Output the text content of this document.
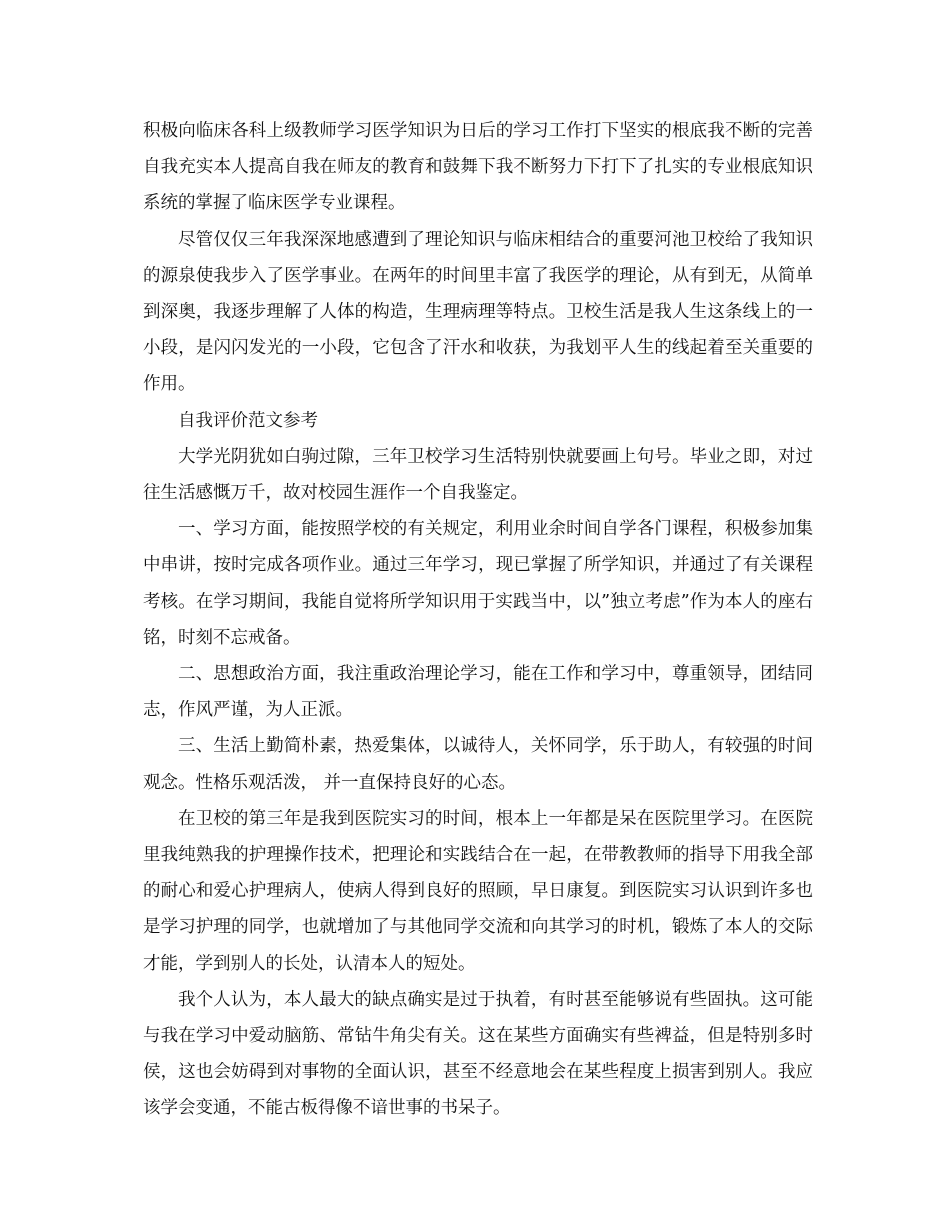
积极向临床各科上级教师学习医学知识为日后的学习工作打下坚实的根底我不断的完善自我充实本人提高自我在师友的教育和鼓舞下我不断努力下打下了扎实的专业根底知识系统的掌握了临床医学专业课程。

尽管仅仅三年我深深地感遭到了理论知识与临床相结合的重要河池卫校给了我知识的源泉使我步入了医学事业。在两年的时间里丰富了我医学的理论，从有到无，从简单到深奥，我逐步理解了人体的构造，生理病理等特点。卫校生活是我人生这条线上的一小段，是闪闪发光的一小段，它包含了汗水和收获，为我划平人生的线起着至关重要的作用。

自我评价范文参考

大学光阴犹如白驹过隙，三年卫校学习生活特别快就要画上句号。毕业之即，对过往生活感慨万千，故对校园生涯作一个自我鉴定。

一、学习方面，能按照学校的有关规定，利用业余时间自学各门课程，积极参加集中串讲，按时完成各项作业。通过三年学习，现已掌握了所学知识，并通过了有关课程考核。在学习期间，我能自觉将所学知识用于实践当中，以”独立考虑”作为本人的座右铭，时刻不忘戒备。

二、思想政治方面，我注重政治理论学习，能在工作和学习中，尊重领导，团结同志，作风严谨，为人正派。

三、生活上勤简朴素，热爱集体，以诚待人，关怀同学，乐于助人，有较强的时间观念。性格乐观活泼， 并一直保持良好的心态。

在卫校的第三年是我到医院实习的时间，根本上一年都是呆在医院里学习。在医院里我纯熟我的护理操作技术，把理论和实践结合在一起，在带教教师的指导下用我全部的耐心和爱心护理病人，使病人得到良好的照顾，早日康复。到医院实习认识到许多也是学习护理的同学，也就增加了与其他同学交流和向其学习的时机，锻炼了本人的交际才能，学到别人的长处，认清本人的短处。

我个人认为，本人最大的缺点确实是过于执着，有时甚至能够说有些固执。这可能与我在学习中爱动脑筋、常钻牛角尖有关。这在某些方面确实有些裨益，但是特别多时侯，这也会妨碍到对事物的全面认识，甚至不经意地会在某些程度上损害到别人。我应该学会变通，不能古板得像不谙世事的书呆子。
